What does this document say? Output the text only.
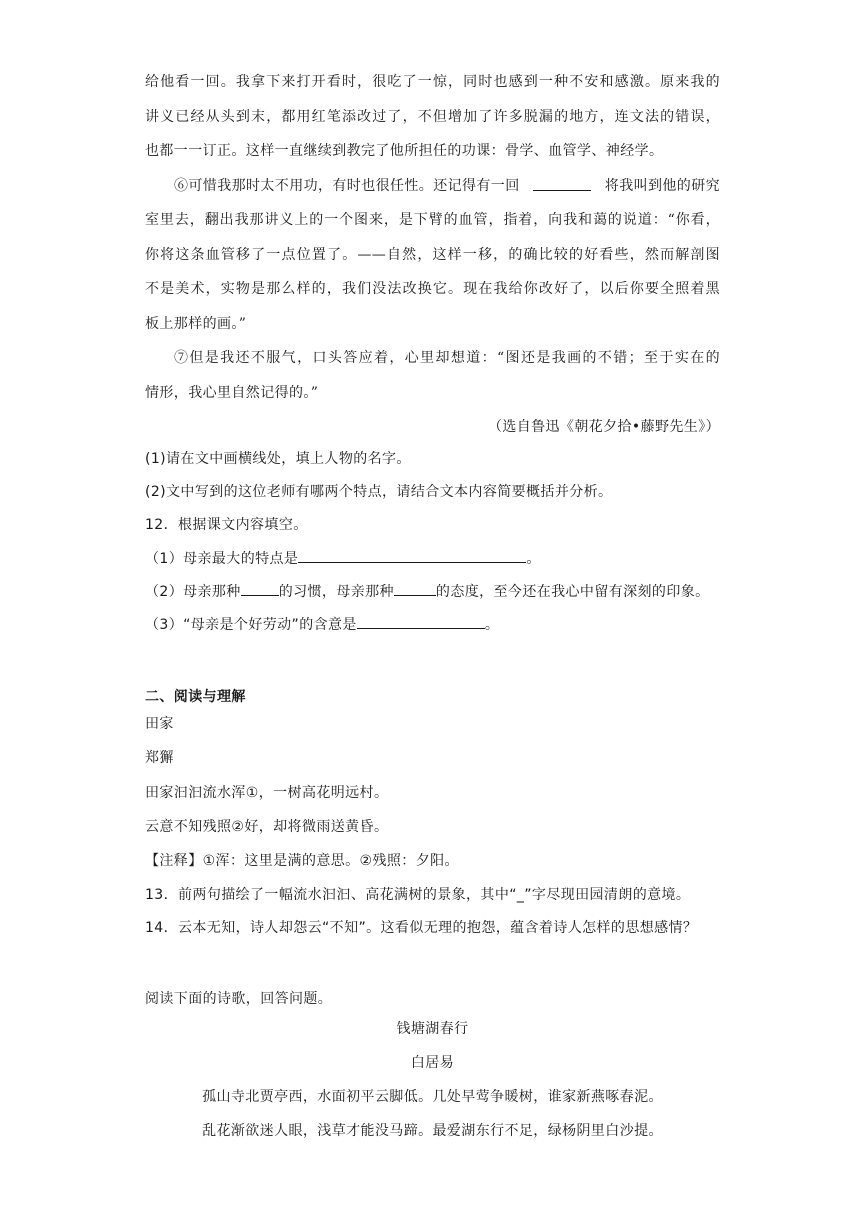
给他看一回。我拿下来打开看时，很吃了一惊，同时也感到一种不安和感激。原来我的
讲义已经从头到末，都用红笔添改过了，不但增加了许多脱漏的地方，连文法的错误，
也都一一订正。这样一直继续到教完了他所担任的功课：骨学、血管学、神经学。
⑥可惜我那时太不用功，有时也很任性。还记得有一回	将我叫到他的研究
室里去，翻出我那讲义上的一个图来，是下臂的血管，指着，向我和蔼的说道：“你看，
你将这条血管移了一点位置了。——自然，这样一移，的确比较的好看些，然而解剖图
不是美术，实物是那么样的，我们没法改换它。现在我给你改好了，以后你要全照着黑
板上那样的画。”
⑦但是我还不服气，口头答应着，心里却想道：“图还是我画的不错；至于实在的
情形，我心里自然记得的。”
（选自鲁迅《朝花夕拾•藤野先生》）
(1)请在文中画横线处，填上人物的名字。
(2)文中写到的这位老师有哪两个特点，请结合文本内容简要概括并分析。
12．根据课文内容填空。
（1）母亲最大的特点是	。
（2）母亲那种	的习惯，母亲那种	的态度，至今还在我心中留有深刻的印象。
（3）“母亲是个好劳动”的含意是	。
二、阅读与理解
田家
郑獬
田家汩汩流水浑①，一树高花明远村。
云意不知残照②好，却将微雨送黄昏。
【注释】①浑：这里是满的意思。②残照：夕阳。
13．前两句描绘了一幅流水汩汩、高花满树的景象，其中“_”字尽现田园清朗的意境。
14．云本无知，诗人却怨云“不知”。这看似无理的抱怨，蕴含着诗人怎样的思想感情？
阅读下面的诗歌，回答问题。
钱塘湖春行
白居易
孤山寺北贾亭西，水面初平云脚低。几处早莺争暖树，谁家新燕啄春泥。
乱花渐欲迷人眼，浅草才能没马蹄。最爱湖东行不足，绿杨阴里白沙提。
